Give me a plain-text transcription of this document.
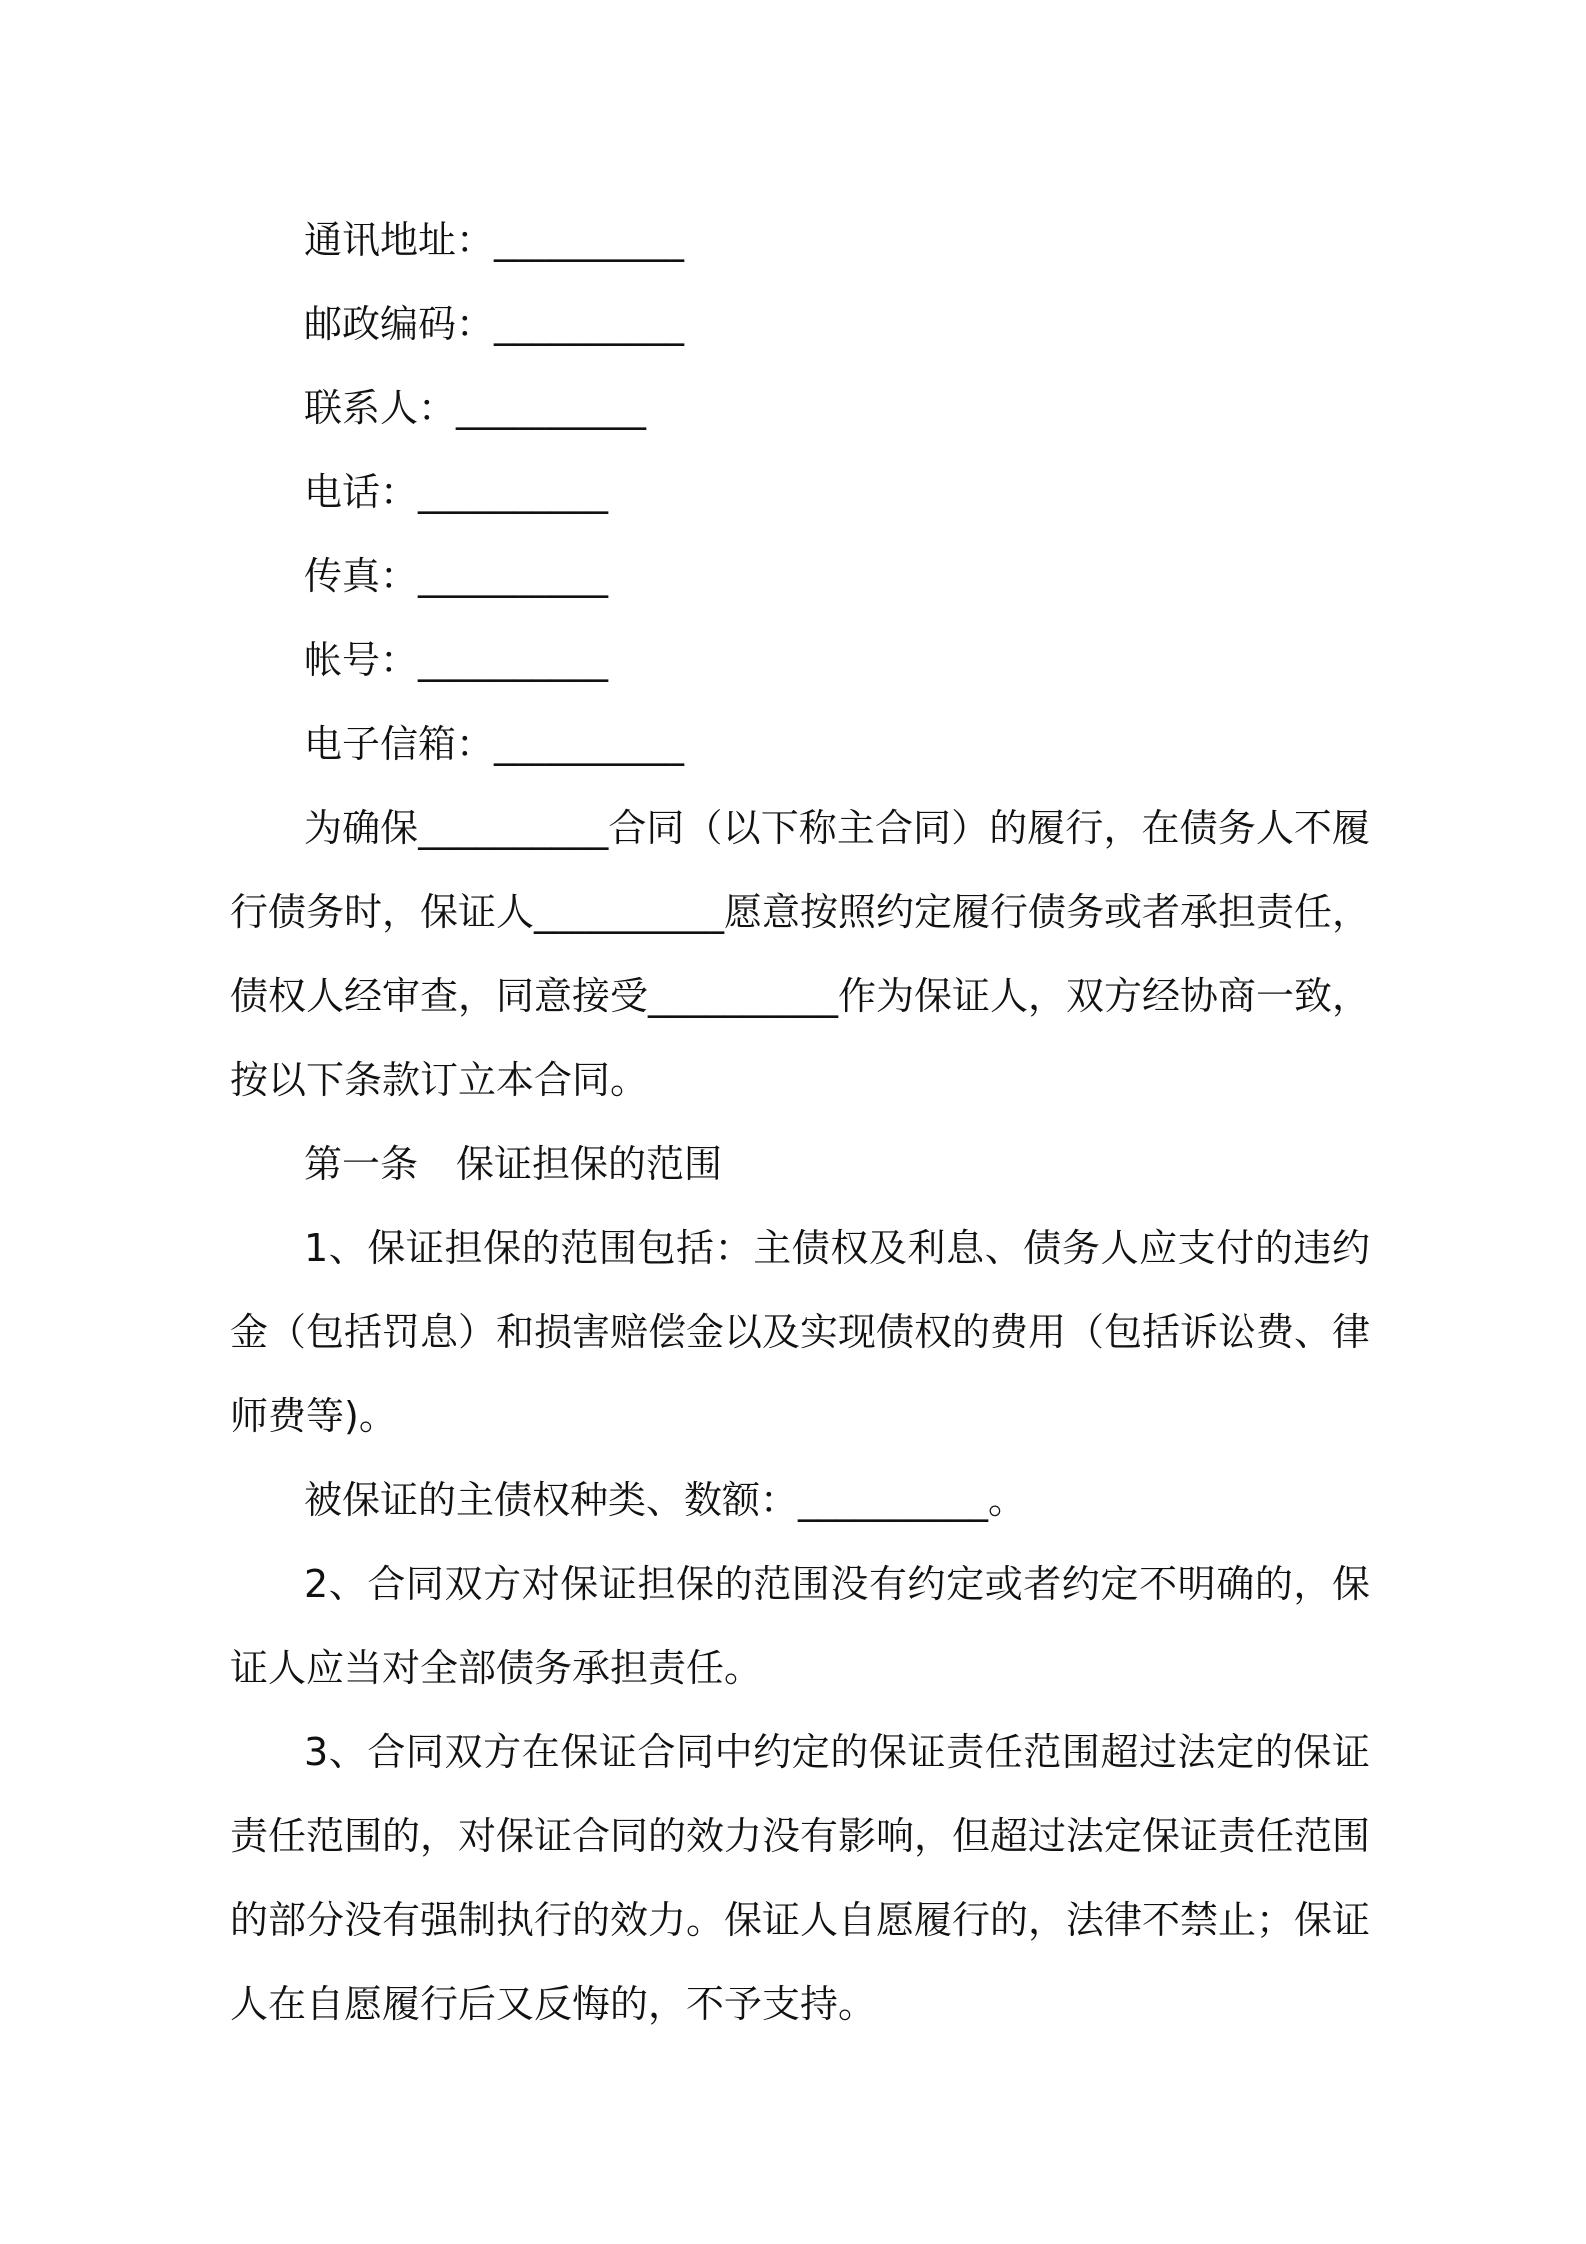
通讯地址：__________
邮政编码：__________
联系人：__________
电话：__________
传真：__________
帐号：__________
电子信箱：__________

为确保__________合同（以下称主合同）的履行，在债务人不履行债务时，保证人__________愿意按照约定履行债务或者承担责任，债权人经审查，同意接受__________作为保证人，双方经协商一致，按以下条款订立本合同。

第一条　保证担保的范围

1、保证担保的范围包括：主债权及利息、债务人应支付的违约金（包括罚息）和损害赔偿金以及实现债权的费用（包括诉讼费、律师费等)。

被保证的主债权种类、数额：__________。

2、合同双方对保证担保的范围没有约定或者约定不明确的，保证人应当对全部债务承担责任。

3、合同双方在保证合同中约定的保证责任范围超过法定的保证责任范围的，对保证合同的效力没有影响，但超过法定保证责任范围的部分没有强制执行的效力。保证人自愿履行的，法律不禁止；保证人在自愿履行后又反悔的，不予支持。
